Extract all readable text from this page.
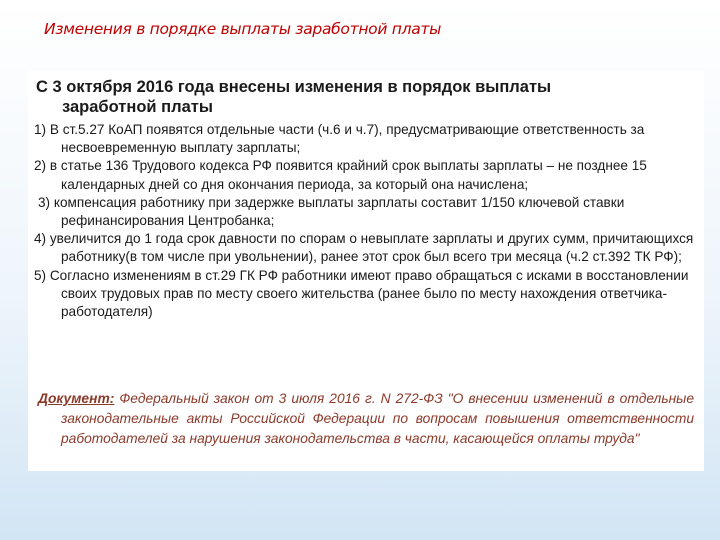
Изменения в порядке выплаты заработной платы
С 3 октября 2016 года внесены изменения в порядок выплаты
заработной платы

1) В ст.5.27 КоАП появятся отдельные части (ч.6 и ч.7), предусматривающие ответственность за несвоевременную выплату зарплаты;

2) в статье 136 Трудового кодекса РФ появится крайний срок выплаты зарплаты – не позднее 15 календарных дней со дня окончания периода, за который она начислена;

3) компенсация работнику при задержке выплаты зарплаты составит 1/150 ключевой ставки рефинансирования Центробанка;

4) увеличится до 1 года срок давности по спорам о невыплате зарплаты и других сумм, причитающихся работнику(в том числе при увольнении), ранее этот срок был всего три месяца (ч.2 ст.392 ТК РФ);

5) Согласно изменениям в ст.29 ГК РФ работники имеют право обращаться с исками в восстановлении своих трудовых прав по месту своего жительства (ранее было по месту нахождения ответчика-работодателя)

Документ: Федеральный закон от 3 июля 2016 г. N 272-ФЗ "О внесении изменений в отдельные законодательные акты Российской Федерации по вопросам повышения ответственности работодателей за нарушения законодательства в части, касающейся оплаты труда"
